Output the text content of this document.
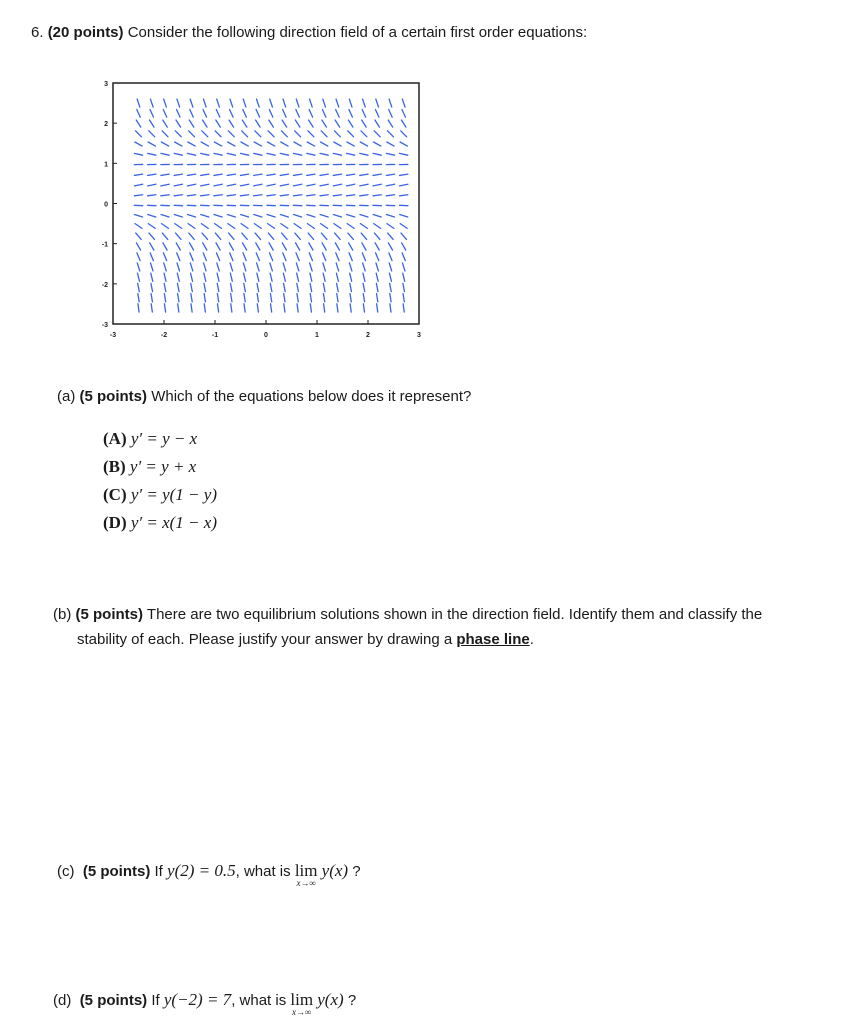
6. (20 points) Consider the following direction field of a certain first order equations:
-3	-2	-1	0	1	2	3
3
2
1
0
-1
-2
-3
(a) (5 points) Which of the equations below does it represent?
(A) y′ = y − x
(B) y′ = y + x
(C) y′ = y(1 − y)
(D) y′ = x(1 − x)
(b) (5 points) There are two equilibrium solutions shown in the direction field. Identify them and classify the
stability of each. Please justify your answer by drawing a phase line.
(c) (5 points) If y(2) = 0.5, what is lim
x→∞
y(x) ?
(d) (5 points) If y(−2) = 7, what is lim
x→∞
y(x) ?
